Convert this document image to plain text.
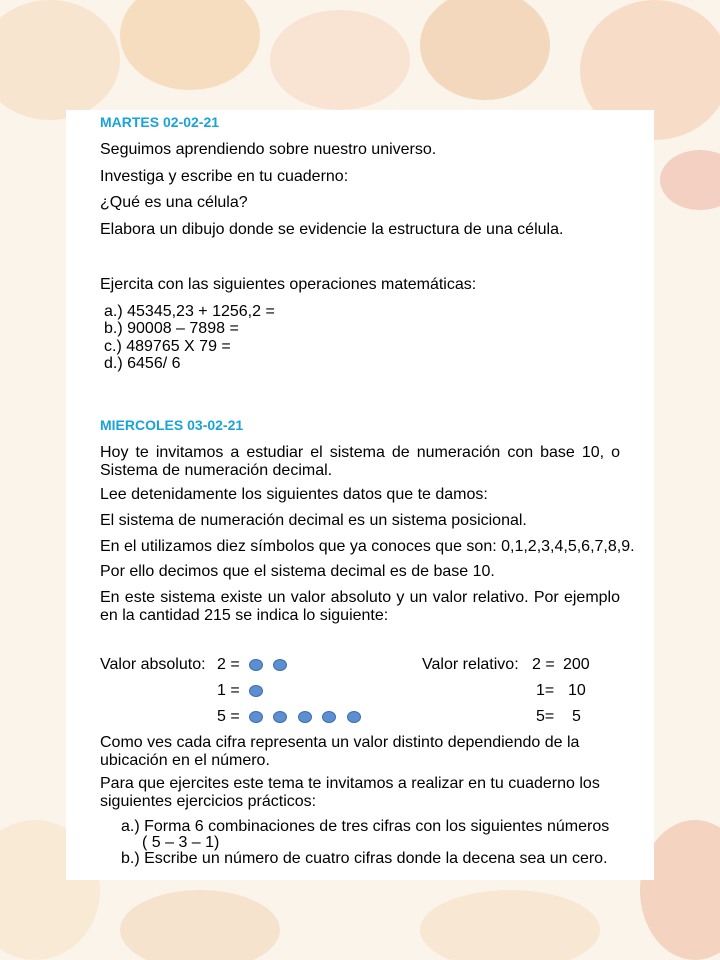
MARTES 02-02-21
Seguimos aprendiendo sobre nuestro universo.
Investiga y escribe en tu cuaderno:
¿Qué es una célula?
Elabora un dibujo donde se evidencie la estructura de una célula.
Ejercita con las siguientes operaciones matemáticas:
a.) 45345,23 + 1256,2 =
b.) 90008 – 7898 =
c.) 489765 X 79 =
d.) 6456/ 6
MIERCOLES 03-02-21
Hoy te invitamos a estudiar el sistema de numeración con base 10, o Sistema de numeración decimal.
Lee detenidamente los siguientes datos que te damos:
El sistema de numeración decimal es un sistema posicional.
En el utilizamos diez símbolos que ya conoces que son: 0,1,2,3,4,5,6,7,8,9.
Por ello decimos que el sistema decimal es de base 10.
En este sistema existe un valor absoluto y un valor relativo. Por ejemplo en la cantidad 215 se indica lo siguiente:
Valor absoluto: 2 =

1 =
5 =

Valor relativo: 2 = 200
1= 10
5= 5
Como ves cada cifra representa un valor distinto dependiendo de la ubicación en el número.
Para que ejercites este tema te invitamos a realizar en tu cuaderno los siguientes ejercicios prácticos:
a.) Forma 6 combinaciones de tres cifras con los siguientes números
( 5 – 3 – 1)
b.) Escribe un número de cuatro cifras donde la decena sea un cero.
